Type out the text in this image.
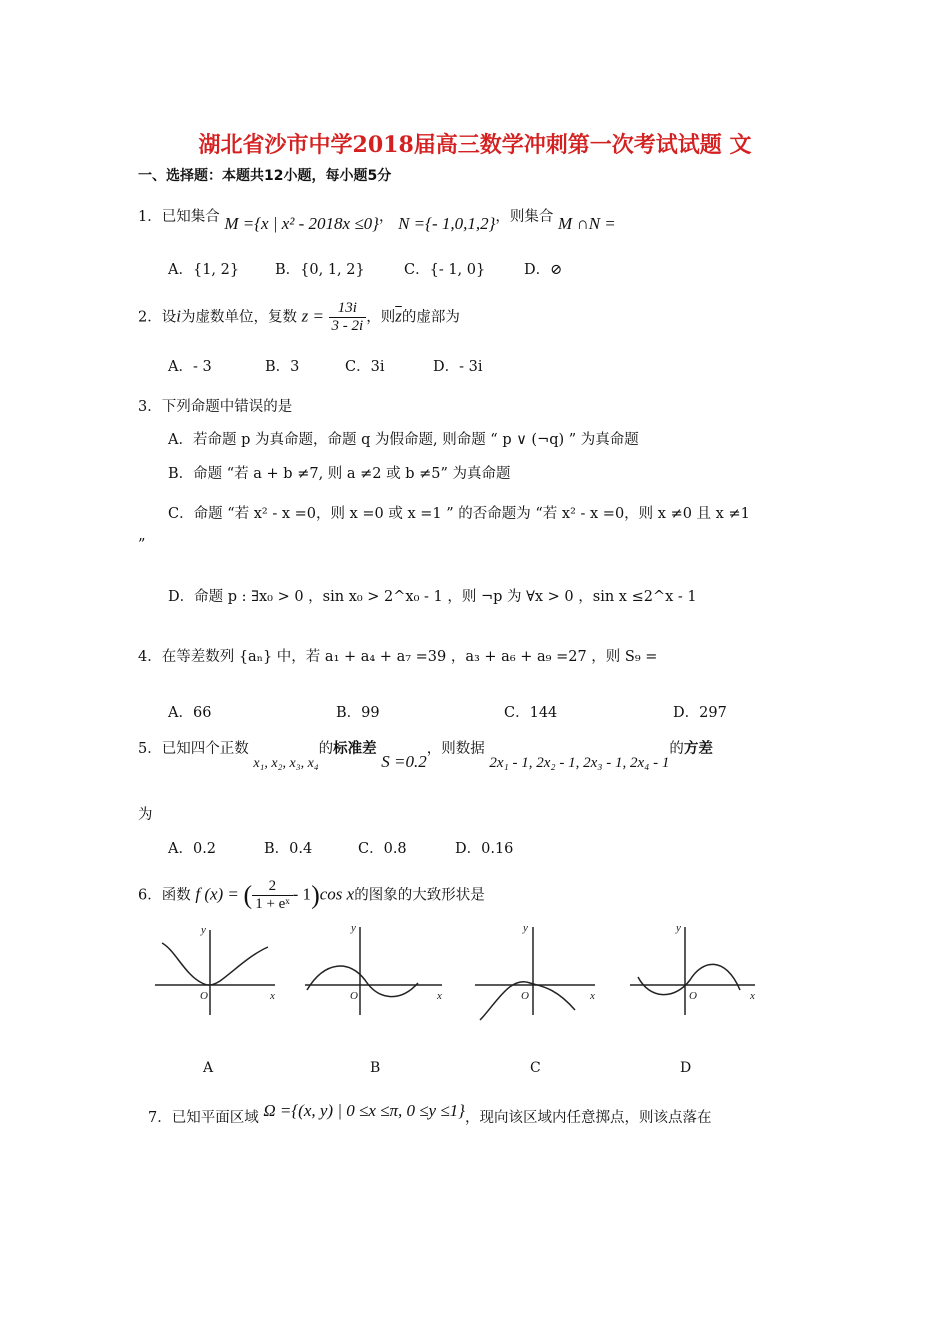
湖北省沙市中学2018届高三数学冲刺第一次考试试题 文
一、选择题：本题共12小题，每小题5分
1．已知集合 M ={x | x² - 2018x ≤0}， N ={- 1,0,1,2}，则集合 M ∩N =
A．{1, 2} B．{0, 1, 2}	C．{- 1, 0}	D．⊘
2．设i为虚数单位，复数 $z = \frac{13i}{3 - 2i}$ ，则$\overline{z}$的虚部为
A．- 3	B．3	C．3i	D．- 3i
3．下列命题中错误的是
A．若命题 p 为真命题，命题 q 为假命题, 则命题 “ p ∨ (¬q) ” 为真命题
B．命题 “若 a + b ≠7, 则 a ≠2 或 b ≠5” 为真命题
C．命题 “若 x² - x =0，则 x =0 或 x =1 ” 的否命题为 “若 x² - x =0，则 x ≠0 且 x ≠1
”
D．命题 p : ∃x₀ > 0 ，sin x₀ > 2^x₀ - 1 ，则 ¬p 为 ∀x > 0 ，sin x ≤2^x - 1
4．在等差数列 {aₙ} 中，若 a₁ + a₄ + a₇ =39 ，a₃ + a₆ + a₉ =27 ，则 S₉ =
A．66	B．99	C．144	D．297
5．已知四个正数 x₁, x₂, x₃, x₄的标准差 S =0.2，则数据 2x₁ - 1, 2x₂ - 1, 2x₃ - 1, 2x₄ - 1的方差
为
A．0.2	B．0.4	C．0.8	D．0.16
6．函数 f (x) = ( $\frac{2}{\text{1 + eˣ}} - 1)\cos$ x的图象的大致形状是
y
x
O
y
x
O
y
x
O
y
x
O
A	B	C	D
7．已知平面区域 Ω ={(x, y) | 0 ≤x ≤π, 0 ≤y ≤1}，现向该区域内任意掷点，则该点落在
